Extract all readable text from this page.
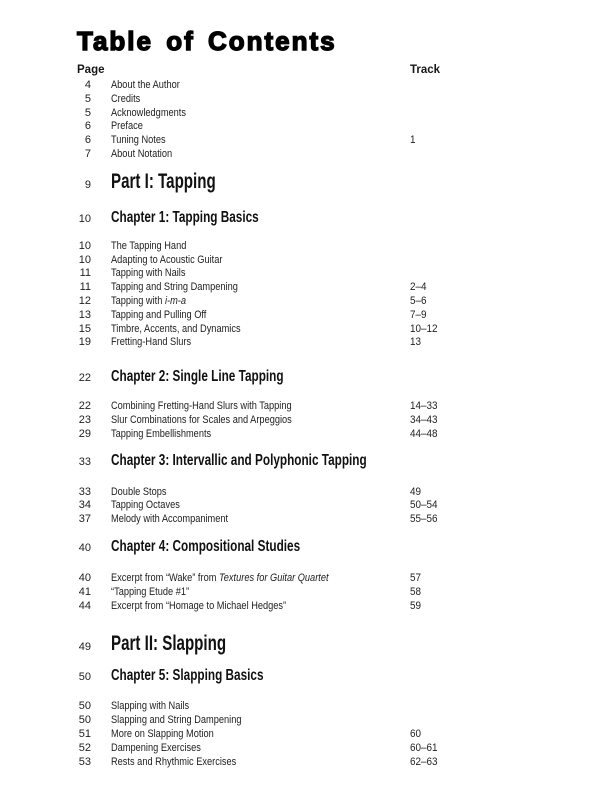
Table of Contents
Page	Track
4 About the Author
5 Credits
5 Acknowledgments
6 Preface
6 Tuning Notes	1
7 About Notation
9 Part I: Tapping
10 Chapter 1: Tapping Basics
10 The Tapping Hand
10 Adapting to Acoustic Guitar
11 Tapping with Nails
11 Tapping and String Dampening	2–4
12 Tapping with i-m-a	5–6
13 Tapping and Pulling Off	7–9
15 Timbre, Accents, and Dynamics	10–12
19 Fretting-Hand Slurs	13
22 Chapter 2: Single Line Tapping
22 Combining Fretting-Hand Slurs with Tapping	14–33
23 Slur Combinations for Scales and Arpeggios	34–43
29 Tapping Embellishments	44–48
33 Chapter 3: Intervallic and Polyphonic Tapping
33 Double Stops	49
34 Tapping Octaves	50–54
37 Melody with Accompaniment	55–56
40 Chapter 4: Compositional Studies
40 Excerpt from “Wake” from Textures for Guitar Quartet	57
41 “Tapping Etude #1”	58
44 Excerpt from “Homage to Michael Hedges”	59
49 Part II: Slapping
50 Chapter 5: Slapping Basics
50 Slapping with Nails
50 Slapping and String Dampening
51 More on Slapping Motion	60
52 Dampening Exercises	60–61
53 Rests and Rhythmic Exercises	62–63
